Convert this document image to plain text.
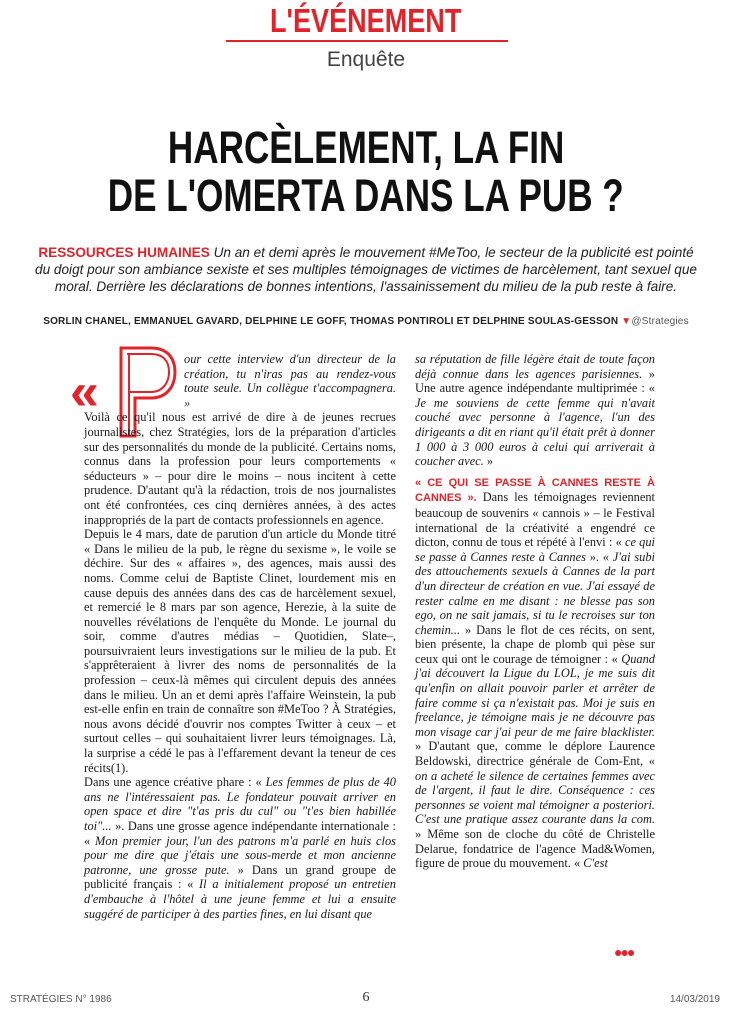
L'ÉVÉNEMENT
Enquête
HARCÈLEMENT, LA FIN
DE L'OMERTA DANS LA PUB ?
RESSOURCES HUMAINES Un an et demi après le mouvement #MeToo, le secteur de la publicité est pointé du doigt pour son ambiance sexiste et ses multiples témoignages de victimes de harcèlement, tant sexuel que moral. Derrière les déclarations de bonnes intentions, l'assainissement du milieu de la pub reste à faire.
SORLIN CHANEL, EMMANUEL GAVARD, DELPHINE LE GOFF, THOMAS PONTIROLI ET DELPHINE SOULAS-GESSON ▼@Strategies
«

our cette interview d'un directeur de la création, tu n'iras pas au rendez-vous toute seule. Un collègue t'accompagnera. »

Voilà ce qu'il nous est arrivé de dire à de jeunes recrues journalistes, chez Stratégies, lors de la préparation d'articles sur des personnalités du monde de la publicité. Certains noms, connus dans la profession pour leurs comportements « séducteurs » – pour dire le moins – nous incitent à cette prudence. D'autant qu'à la rédaction, trois de nos journalistes ont été confrontées, ces cinq dernières années, à des actes inappropriés de la part de contacts professionnels en agence.

Depuis le 4 mars, date de parution d'un article du Monde titré « Dans le milieu de la pub, le règne du sexisme », le voile se déchire. Sur des « affaires », des agences, mais aussi des noms. Comme celui de Baptiste Clinet, lourdement mis en cause depuis des années dans des cas de harcèlement sexuel, et remercié le 8 mars par son agence, Herezie, à la suite de nouvelles révélations de l'enquête du Monde. Le journal du soir, comme d'autres médias – Quotidien, Slate–, poursuivraient leurs investigations sur le milieu de la pub. Et s'apprêteraient à livrer des noms de personnalités de la profession – ceux-là mêmes qui circulent depuis des années dans le milieu. Un an et demi après l'affaire Weinstein, la pub est-elle enfin en train de connaître son #MeToo ? À Stratégies, nous avons décidé d'ouvrir nos comptes Twitter à ceux – et surtout celles – qui souhaitaient livrer leurs témoignages. Là, la surprise a cédé le pas à l'effarement devant la teneur de ces récits(1).

Dans une agence créative phare : « Les femmes de plus de 40 ans ne l'intéressaient pas. Le fondateur pouvait arriver en open space et dire "t'as pris du cul" ou "t'es bien habillée toi"... ». Dans une grosse agence indépendante internationale : « Mon premier jour, l'un des patrons m'a parlé en huis clos pour me dire que j'étais une sous-merde et mon ancienne patronne, une grosse pute. » Dans un grand groupe de publicité français : « Il a initialement proposé un entretien d'embauche à l'hôtel à une jeune femme et lui a ensuite suggéré de participer à des parties fines, en lui disant que

sa réputation de fille légère était de toute façon déjà connue dans les agences parisiennes. » Une autre agence indépendante multiprimée : « Je me souviens de cette femme qui n'avait couché avec personne à l'agence, l'un des dirigeants a dit en riant qu'il était prêt à donner 1 000 à 3 000 euros à celui qui arriverait à coucher avec. »

« CE QUI SE PASSE À CANNES RESTE À CANNES ». Dans les témoignages reviennent beaucoup de souvenirs « cannois » – le Festival international de la créativité a engendré ce dicton, connu de tous et répété à l'envi : « ce qui se passe à Cannes reste à Cannes ». « J'ai subi des attouchements sexuels à Cannes de la part d'un directeur de création en vue. J'ai essayé de rester calme en me disant : ne blesse pas son ego, on ne sait jamais, si tu le recroises sur ton chemin... » Dans le flot de ces récits, on sent, bien présente, la chape de plomb qui pèse sur ceux qui ont le courage de témoigner : « Quand j'ai découvert la Ligue du LOL, je me suis dit qu'enfin on allait pouvoir parler et arrêter de faire comme si ça n'existait pas. Moi je suis en freelance, je témoigne mais je ne découvre pas mon visage car j'ai peur de me faire blacklister. » D'autant que, comme le déplore Laurence Beldowski, directrice générale de Com-Ent, « on a acheté le silence de certaines femmes avec de l'argent, il faut le dire. Conséquence : ces personnes se voient mal témoigner a posteriori. C'est une pratique assez courante dans la com. » Même son de cloche du côté de Christelle Delarue, fondatrice de l'agence Mad&Women, figure de proue du mouvement. « C'est

●●●
STRATÉGIES N° 1986	6	14/03/2019
